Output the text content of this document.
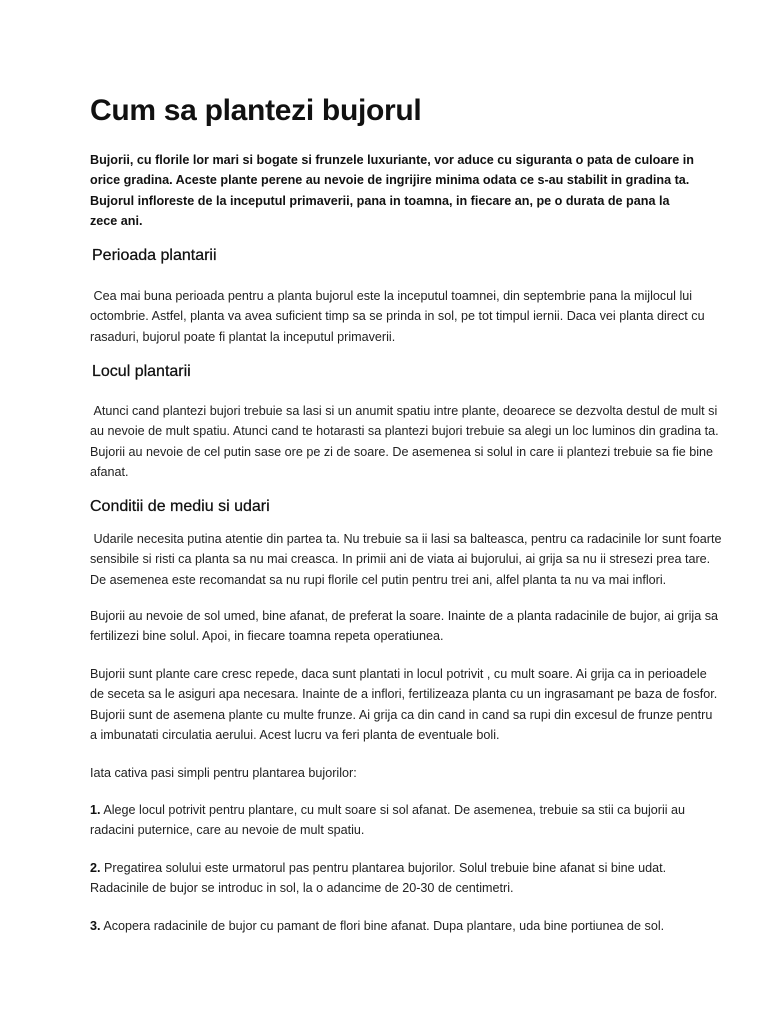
Cum sa plantezi bujorul

Bujorii, cu florile lor mari si bogate si frunzele luxuriante, vor aduce cu siguranta o pata de culoare in orice gradina. Aceste plante perene au nevoie de ingrijire minima odata ce s-au stabilit in gradina ta. Bujorul infloreste de la inceputul primaverii, pana in toamna, in fiecare an, pe o durata de pana la zece ani.

Perioada plantarii

Cea mai buna perioada pentru a planta bujorul este la inceputul toamnei, din septembrie pana la mijlocul lui octombrie. Astfel, planta va avea suficient timp sa se prinda in sol, pe tot timpul iernii. Daca vei planta direct cu rasaduri, bujorul poate fi plantat la inceputul primaverii.

Locul plantarii

Atunci cand plantezi bujori trebuie sa lasi si un anumit spatiu intre plante, deoarece se dezvolta destul de mult si au nevoie de mult spatiu. Atunci cand te hotarasti sa plantezi bujori trebuie sa alegi un loc luminos din gradina ta. Bujorii au nevoie de cel putin sase ore pe zi de soare. De asemenea si solul in care ii plantezi trebuie sa fie bine afanat.

Conditii de mediu si udari

Udarile necesita putina atentie din partea ta. Nu trebuie sa ii lasi sa balteasca, pentru ca radacinile lor sunt foarte sensibile si risti ca planta sa nu mai creasca. In primii ani de viata ai bujorului, ai grija sa nu ii stresezi prea tare. De asemenea este recomandat sa nu rupi florile cel putin pentru trei ani, alfel planta ta nu va mai inflori.

Bujorii au nevoie de sol umed, bine afanat, de preferat la soare. Inainte de a planta radacinile de bujor, ai grija sa fertilizezi bine solul. Apoi, in fiecare toamna repeta operatiunea.

Bujorii sunt plante care cresc repede, daca sunt plantati in locul potrivit , cu mult soare. Ai grija ca in perioadele de seceta sa le asiguri apa necesara. Inainte de a inflori, fertilizeaza planta cu un ingrasamant pe baza de fosfor. Bujorii sunt de asemena plante cu multe frunze. Ai grija ca din cand in cand sa rupi din excesul de frunze pentru a imbunatati circulatia aerului. Acest lucru va feri planta de eventuale boli.

Iata cativa pasi simpli pentru plantarea bujorilor:

1. Alege locul potrivit pentru plantare, cu mult soare si sol afanat. De asemenea, trebuie sa stii ca bujorii au radacini puternice, care au nevoie de mult spatiu.

2. Pregatirea solului este urmatorul pas pentru plantarea bujorilor. Solul trebuie bine afanat si bine udat. Radacinile de bujor se introduc in sol, la o adancime de 20-30 de centimetri.

3. Acopera radacinile de bujor cu pamant de flori bine afanat. Dupa plantare, uda bine portiunea de sol.
